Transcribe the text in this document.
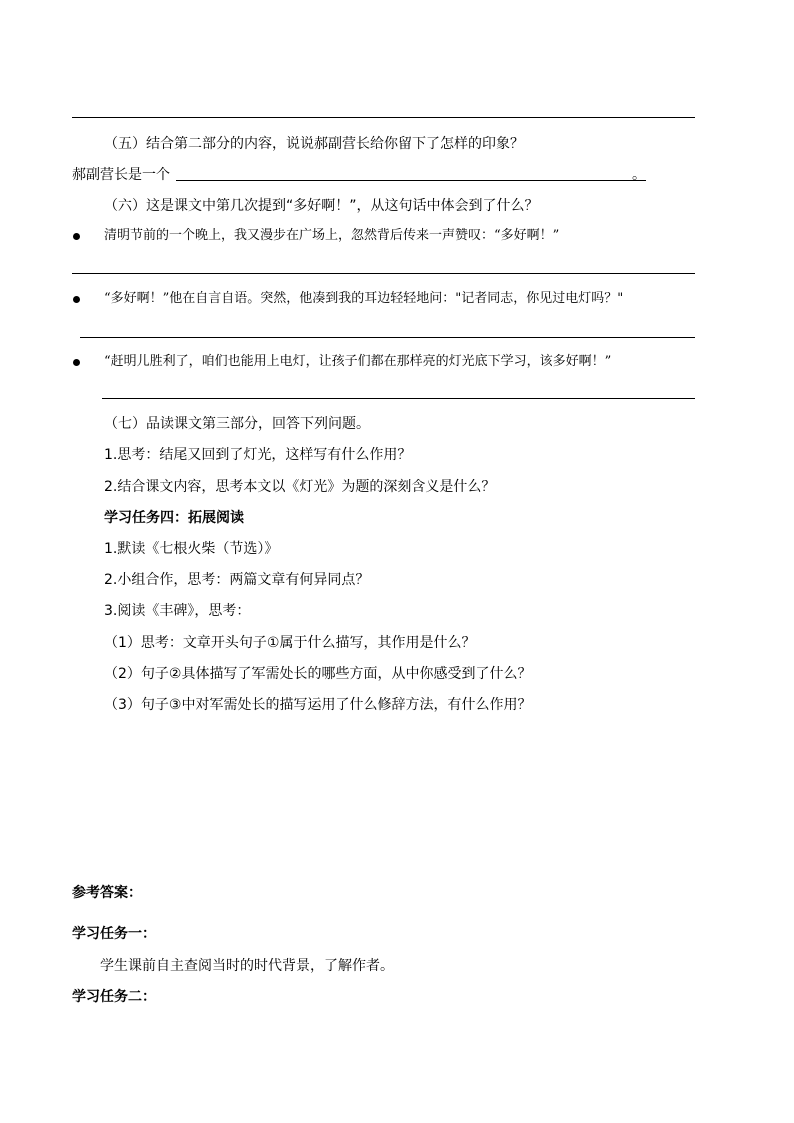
（五）结合第二部分的内容，说说郝副营长给你留下了怎样的印象？
郝副营长是一个	。
（六）这是课文中第几次提到“多好啊！”，从这句话中体会到了什么？
清明节前的一个晚上，我又漫步在广场上，忽然背后传来一声赞叹：“多好啊！”
“多好啊！”他在自言自语。突然，他凑到我的耳边轻轻地问："记者同志，你见过电灯吗？"
“赶明儿胜利了，咱们也能用上电灯，让孩子们都在那样亮的灯光底下学习，该多好啊！”
（七）品读课文第三部分，回答下列问题。
1.思考：结尾又回到了灯光，这样写有什么作用？
2.结合课文内容，思考本文以《灯光》为题的深刻含义是什么？
学习任务四：拓展阅读
1.默读《七根火柴（节选）》
2.小组合作，思考：两篇文章有何异同点？
3.阅读《丰碑》，思考：
（1）思考：文章开头句子①属于什么描写，其作用是什么？
（2）句子②具体描写了军需处长的哪些方面，从中你感受到了什么？
（3）句子③中对军需处长的描写运用了什么修辞方法，有什么作用？
参考答案：
学习任务一：
学生课前自主查阅当时的时代背景，了解作者。
学习任务二：
